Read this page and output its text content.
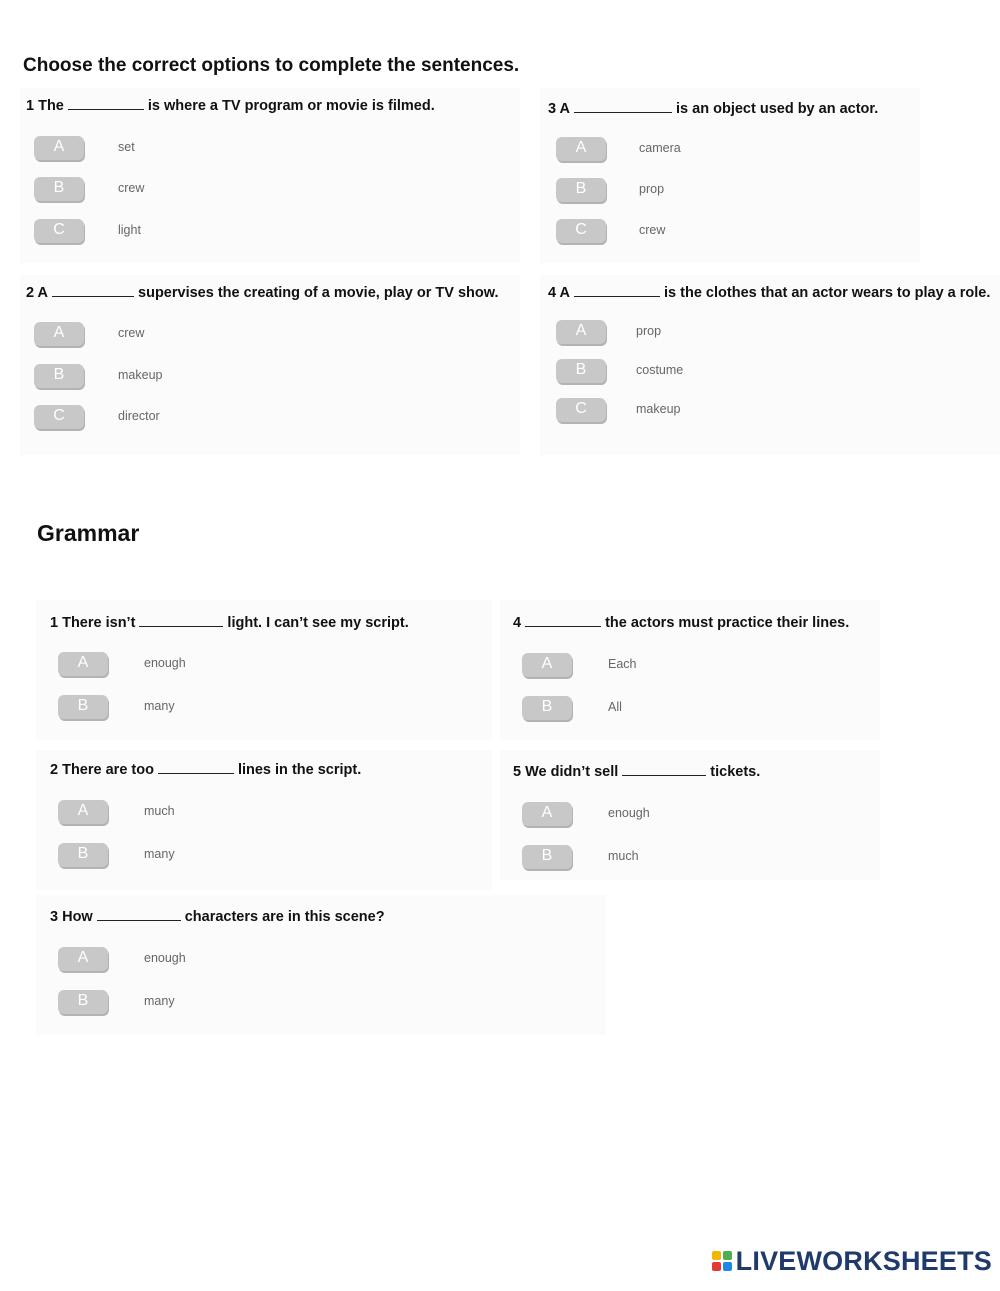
Choose the correct options to complete the sentences.
1 The	is where a TV program or movie is filmed.
A	set
B	crew
C	light
2 A	supervises the creating of a movie, play or TV show.
A	crew
B	makeup
C	director
3 A	is an object used by an actor.
A	camera
B	prop
C	crew
4 A	is the clothes that an actor wears to play a role.
A	prop
B	costume
C	makeup
Grammar
1 There isn’t	light. I can’t see my script.
A	enough
B	many
2 There are too	lines in the script.
A	much
B	many
3 How	characters are in this scene?
A	enough
B	many
4	the actors must practice their lines.
A	Each
B	All
5 We didn’t sell	tickets.
A	enough
B	much
LIVEWORKSHEETS
